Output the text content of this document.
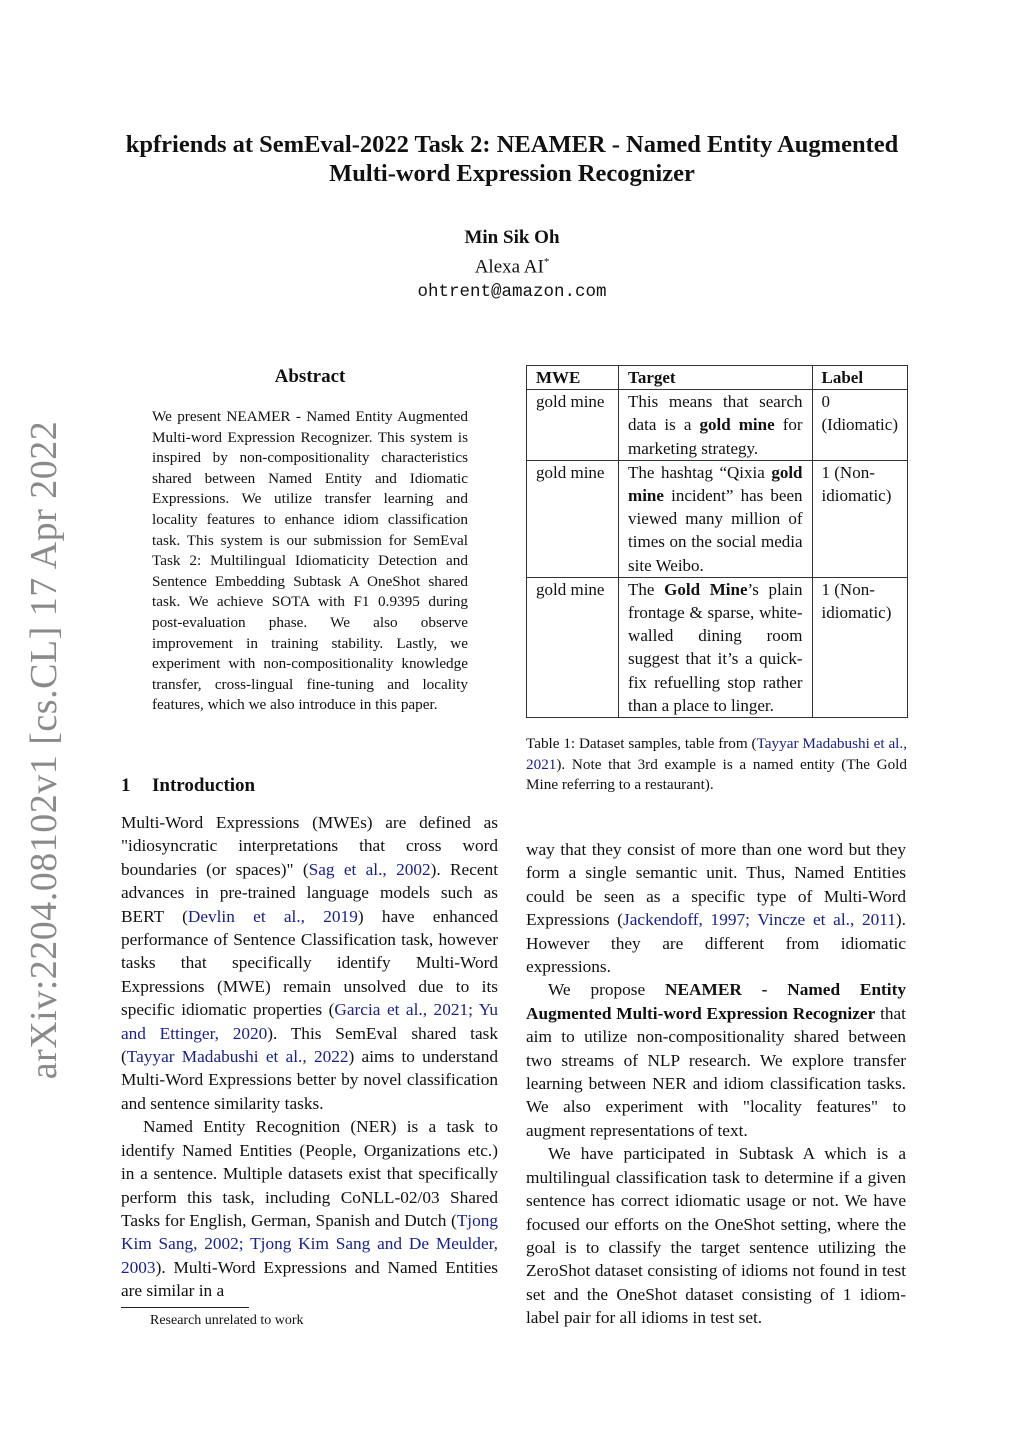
arXiv:2204.08102v1 [cs.CL] 17 Apr 2022
kpfriends at SemEval-2022 Task 2: NEAMER - Named Entity Augmented
Multi-word Expression Recognizer
Min Sik Oh
Alexa AI*
ohtrent@amazon.com
Abstract
We present NEAMER - Named Entity Augmented Multi-word Expression Recognizer. This system is inspired by non-compositionality characteristics shared between Named Entity and Idiomatic Expressions. We utilize transfer learning and locality features to enhance idiom classification task. This system is our submission for SemEval Task 2: Multilingual Idiomaticity Detection and Sentence Embedding Subtask A OneShot shared task. We achieve SOTA with F1 0.9395 during post-evaluation phase. We also observe improvement in training stability. Lastly, we experiment with non-compositionality knowledge transfer, cross-lingual fine-tuning and locality features, which we also introduce in this paper.
1 Introduction

Multi-Word Expressions (MWEs) are defined as "idiosyncratic interpretations that cross word boundaries (or spaces)" (Sag et al., 2002). Recent advances in pre-trained language models such as BERT (Devlin et al., 2019) have enhanced performance of Sentence Classification task, however tasks that specifically identify Multi-Word Expressions (MWE) remain unsolved due to its specific idiomatic properties (Garcia et al., 2021; Yu and Ettinger, 2020). This SemEval shared task (Tayyar Madabushi et al., 2022) aims to understand Multi-Word Expressions better by novel classification and sentence similarity tasks.

Named Entity Recognition (NER) is a task to identify Named Entities (People, Organizations etc.) in a sentence. Multiple datasets exist that specifically perform this task, including CoNLL-02/03 Shared Tasks for English, German, Spanish and Dutch (Tjong Kim Sang, 2002; Tjong Kim Sang and De Meulder, 2003). Multi-Word Expressions and Named Entities are similar in a

Research unrelated to work
MWE	Target	Label
gold mine	This means that search data is a gold mine for marketing strategy.	0 (Idiomatic)
gold mine	The hashtag “Qixia gold mine incident” has been viewed many million of times on the social media site Weibo.	1 (Non-idiomatic)
gold mine	The Gold Mine’s plain frontage & sparse, white-walled dining room suggest that it’s a quick-fix refuelling stop rather than a place to linger.	1 (Non-idiomatic)
Table 1: Dataset samples, table from (Tayyar Madabushi et al., 2021). Note that 3rd example is a named entity (The Gold Mine referring to a restaurant).

way that they consist of more than one word but they form a single semantic unit. Thus, Named Entities could be seen as a specific type of Multi-Word Expressions (Jackendoff, 1997; Vincze et al., 2011). However they are different from idiomatic expressions.

We propose NEAMER - Named Entity Augmented Multi-word Expression Recognizer that aim to utilize non-compositionality shared between two streams of NLP research. We explore transfer learning between NER and idiom classification tasks. We also experiment with "locality features" to augment representations of text.

We have participated in Subtask A which is a multilingual classification task to determine if a given sentence has correct idiomatic usage or not. We have focused our efforts on the OneShot setting, where the goal is to classify the target sentence utilizing the ZeroShot dataset consisting of idioms not found in test set and the OneShot dataset consisting of 1 idiom-label pair for all idioms in test set.
